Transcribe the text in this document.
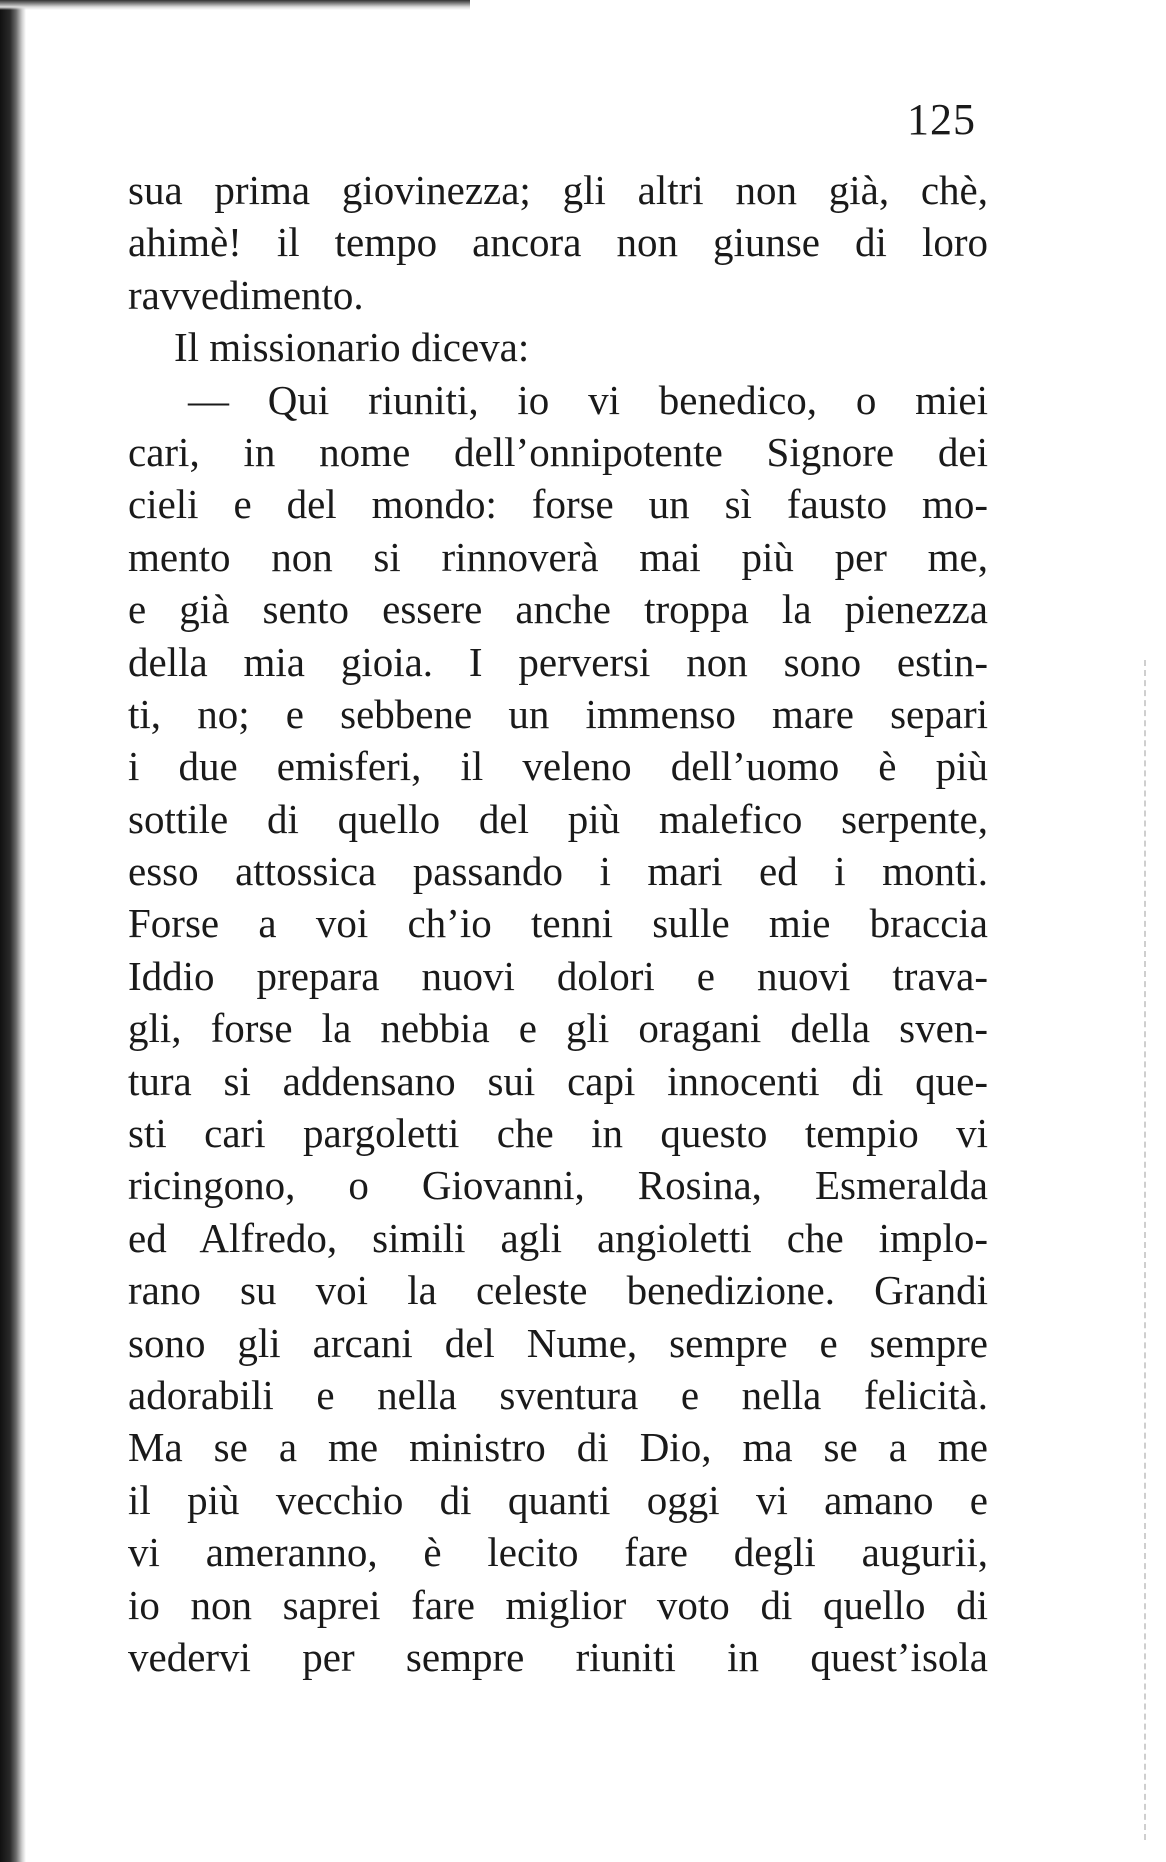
125
sua prima giovinezza; gli altri non già, chè,
ahimè! il tempo ancora non giunse di loro
ravvedimento.
Il missionario diceva:
— Qui riuniti, io vi benedico, o miei
cari, in nome dell’onnipotente Signore dei
cieli e del mondo: forse un sì fausto mo-
mento non si rinnoverà mai più per me,
e già sento essere anche troppa la pienezza
della mia gioia. I perversi non sono estin-
ti, no; e sebbene un immenso mare separi
i due emisferi, il veleno dell’uomo è più
sottile di quello del più malefico serpente,
esso attossica passando i mari ed i monti.
Forse a voi ch’io tenni sulle mie braccia
Iddio prepara nuovi dolori e nuovi trava-
gli, forse la nebbia e gli oragani della sven-
tura si addensano sui capi innocenti di que-
sti cari pargoletti che in questo tempio vi
ricingono, o Giovanni, Rosina, Esmeralda
ed Alfredo, simili agli angioletti che implo-
rano su voi la celeste benedizione. Grandi
sono gli arcani del Nume, sempre e sempre
adorabili e nella sventura e nella felicità.
Ma se a me ministro di Dio, ma se a me
il più vecchio di quanti oggi vi amano e
vi ameranno, è lecito fare degli augurii,
io non saprei fare miglior voto di quello di
vedervi per sempre riuniti in quest’isola
